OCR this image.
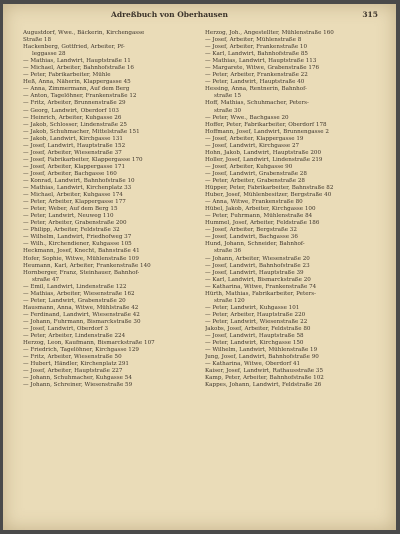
Adreßbuch von Oberhausen	315
Augustdorf, Wwe., Bäckerin, Kirchengasse
Straße 18
Hackenberg, Gottfried, Arbeiter, Pf-
leggasse 28
— Mathias, Landwirt, Hauptstraße 11
— Michael, Arbeiter, Bahnhofstraße 16
— Peter, Fabrikarbeiter, Mühle
Heß, Anna, Näherin, Klappergasse 45
— Anna, Zimmermann, Auf dem Berg
— Anton, Tagelöhner, Frankenstraße 12
— Fritz, Arbeiter, Brunnenstraße 29
— Georg, Landwirt, Oberdorf 103
— Heinrich, Arbeiter, Kuhgasse 26
— Jakob, Schlosser, Lindenstraße 25
— Jakob, Schuhmacher, Mittelstraße 151
— Jakob, Landwirt, Kirchgasse 131
— Josef, Landwirt, Hauptstraße 152
— Josef, Arbeiter, Wiesenstraße 37
— Josef, Fabrikarbeiter, Klappergasse 170
— Josef, Arbeiter, Klappergasse 171
— Josef, Arbeiter, Bachgasse 160
— Konrad, Landwirt, Bahnhofstraße 10
— Mathias, Landwirt, Kirchenplatz 33
— Michael, Arbeiter, Kuhgasse 174
— Peter, Arbeiter, Klappergasse 177
— Peter, Weber, Auf dem Berg 15
— Peter, Landwirt, Neuweg 110
— Peter, Arbeiter, Grabenstraße 200
— Philipp, Arbeiter, Feldstraße 32
— Wilhelm, Landwirt, Friedhofweg 37
— Wilh., Kirchendiener, Kuhgasse 105
Heckmann, Josef, Knecht, Bahnstraße 41
Hofer, Sophie, Witwe, Mühlenstraße 109
Heumann, Karl, Arbeiter, Frankenstraße 140
Hornberger, Franz, Steinhauer, Bahnhof-
straße 47
— Emil, Landwirt, Lindenstraße 122
— Mathias, Arbeiter, Wiesenstraße 162
— Peter, Landwirt, Grabenstraße 20
Hausmann, Anna, Witwe, Mühlstraße 42
— Ferdinand, Landwirt, Wiesenstraße 42
— Johann, Fuhrmann, Bismarckstraße 30
— Josef, Landwirt, Oberdorf 3
— Peter, Arbeiter, Lindenstraße 224
Herzog, Leon, Kaufmann, Bismarckstraße 107
— Friedrich, Tagelöhner, Kirchgasse 129
— Fritz, Arbeiter, Wiesenstraße 50
— Hubert, Händler, Kirchenplatz 291
— Josef, Arbeiter, Hauptstraße 227
— Johann, Schuhmacher, Kuhgasse 54
— Johann, Schreiner, Wiesenstraße 59
Herzog, Joh., Angestellter, Mühlenstraße 160
— Josef, Arbeiter, Mühlenstraße 8
— Josef, Arbeiter, Frankenstraße 10
— Karl, Landwirt, Bahnhofstraße 85
— Mathias, Landwirt, Hauptstraße 113
— Margarete, Witwe, Grabenstraße 176
— Peter, Arbeiter, Frankenstraße 22
— Peter, Landwirt, Hauptstraße 40
Hessing, Anna, Rentnerin, Bahnhof-
straße 15
Hoff, Mathias, Schuhmacher, Peters-
straße 30
— Peter, Wwe., Bachgasse 20
Hoffer, Peter, Fabrikarbeiter, Oberdorf 178
Hoffmann, Josef, Landwirt, Brunnengasse 2
— Josef, Arbeiter, Klappergasse 19
— Josef, Landwirt, Kirchgasse 27
Hohn, Jakob, Landwirt, Hauptstraße 200
Holler, Josef, Landwirt, Lindenstraße 219
— Josef, Arbeiter, Kuhgasse 90
— Josef, Landwirt, Grabenstraße 28
— Peter, Arbeiter, Grabenstraße 28
Hüpper, Peter, Fabrikarbeiter, Bahnstraße 82
Huber, Josef, Mühlenbesitzer, Bergstraße 40
— Anna, Witwe, Frankenstraße 80
Hübel, Jakob, Arbeiter, Kirchgasse 100
— Peter, Fuhrmann, Mühlenstraße 84
Hummel, Josef, Arbeiter, Feldstraße 186
— Josef, Arbeiter, Bergstraße 32
— Josef, Landwirt, Bachgasse 36
Hund, Johann, Schneider, Bahnhof-
straße 36
— Johann, Arbeiter, Wiesenstraße 20
— Josef, Landwirt, Bahnhofstraße 23
— Josef, Landwirt, Hauptstraße 39
— Karl, Landwirt, Bismarckstraße 20
— Katharina, Witwe, Frankenstraße 74
Hürth, Mathias, Fabrikarbeiter, Peters-
straße 120
— Peter, Landwirt, Kuhgasse 101
— Peter, Arbeiter, Hauptstraße 220
— Peter, Landwirt, Wiesenstraße 22
Jakobs, Josef, Arbeiter, Feldstraße 80
— Josef, Landwirt, Hauptstraße 58
— Peter, Landwirt, Kirchgasse 150
— Wilhelm, Landwirt, Mühlenstraße 19
Jung, Josef, Landwirt, Bahnhofstraße 90
— Katharina, Witwe, Oberdorf 41
Kaiser, Josef, Landwirt, Rathausstraße 35
Kamp, Peter, Arbeiter, Bahnhofstraße 102
Kappes, Johann, Landwirt, Feldstraße 26
